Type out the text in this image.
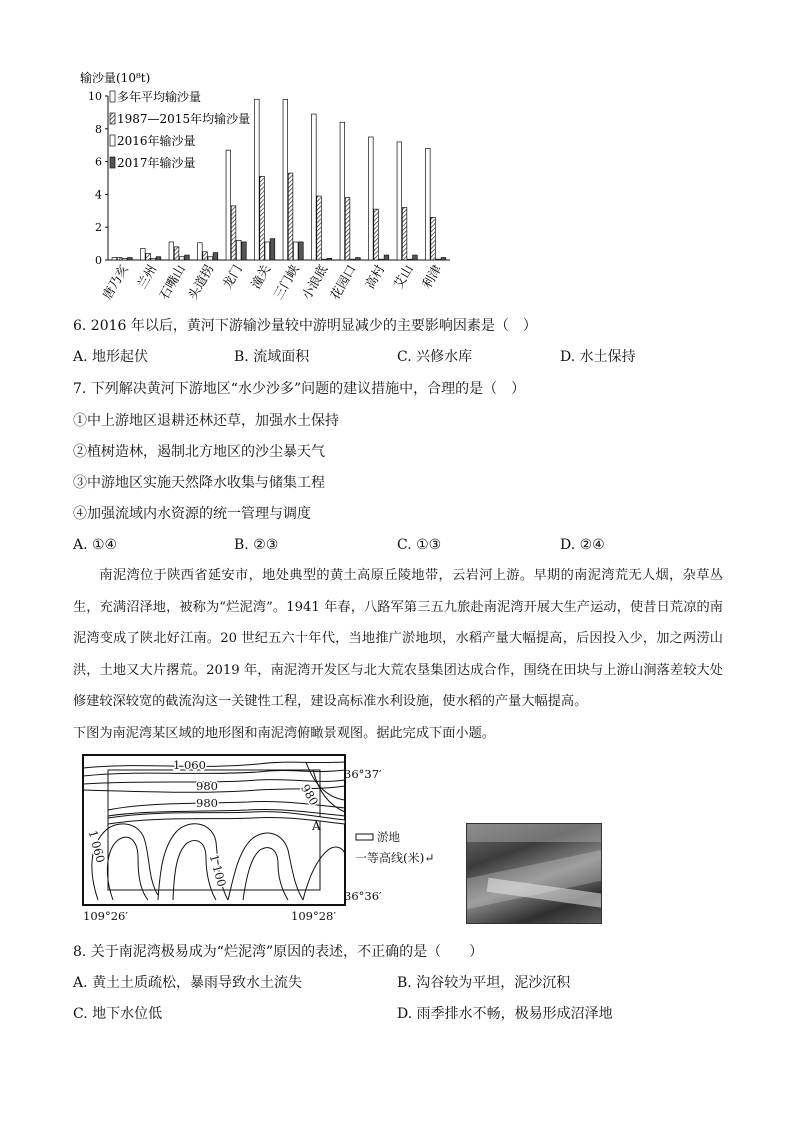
输沙量(10⁸t)
0
2
4
6
8
10
唐乃亥 兰州
石嘴山
头道拐 龙门 潼关
三门峡
小浪底
花园口 高村 艾山 利津
多年平均输沙量
1987—2015年均输沙量
2016年输沙量
2017年输沙量
6. 2016 年以后，黄河下游输沙量较中游明显减少的主要影响因素是（　）
A. 地形起伏	B. 流域面积	C. 兴修水库	D. 水土保持
7. 下列解决黄河下游地区“水少沙多”问题的建议措施中，合理的是（　）
①中上游地区退耕还林还草，加强水土保持
②植树造林，遏制北方地区的沙尘暴天气
③中游地区实施天然降水收集与储集工程
④加强流域内水资源的统一管理与调度
A. ①④	B. ②③	C. ①③	D. ②④

南泥湾位于陕西省延安市，地处典型的黄土高原丘陵地带，云岩河上游。早期的南泥湾荒无人烟，杂草丛生，充满沼泽地，被称为“烂泥湾”。1941 年春，八路军第三五九旅赴南泥湾开展大生产运动，使昔日荒凉的南泥湾变成了陕北好江南。20 世纪五六十年代，当地推广淤地坝，水稻产量大幅提高，后因投入少，加之两涝山洪，土地又大片撂荒。2019 年，南泥湾开发区与北大荒农垦集团达成合作，围绕在田块与上游山涧落差较大处修建较深较宽的截流沟这一关键性工程，建设高标准水利设施，使水稻的产量大幅提高。

下图为南泥湾某区域的地形图和南泥湾俯瞰景观图。据此完成下面小题。

1 060
980
980	980
1 060
1 100
A
36°37′
36°36′
109°26′	109°28′
淤地
一等高线(米)↵
8. 关于南泥湾极易成为“烂泥湾”原因的表述，不正确的是（　　）
A. 黄土土质疏松，暴雨导致水土流失	B. 沟谷较为平坦，泥沙沉积
C. 地下水位低	D. 雨季排水不畅，极易形成沼泽地
